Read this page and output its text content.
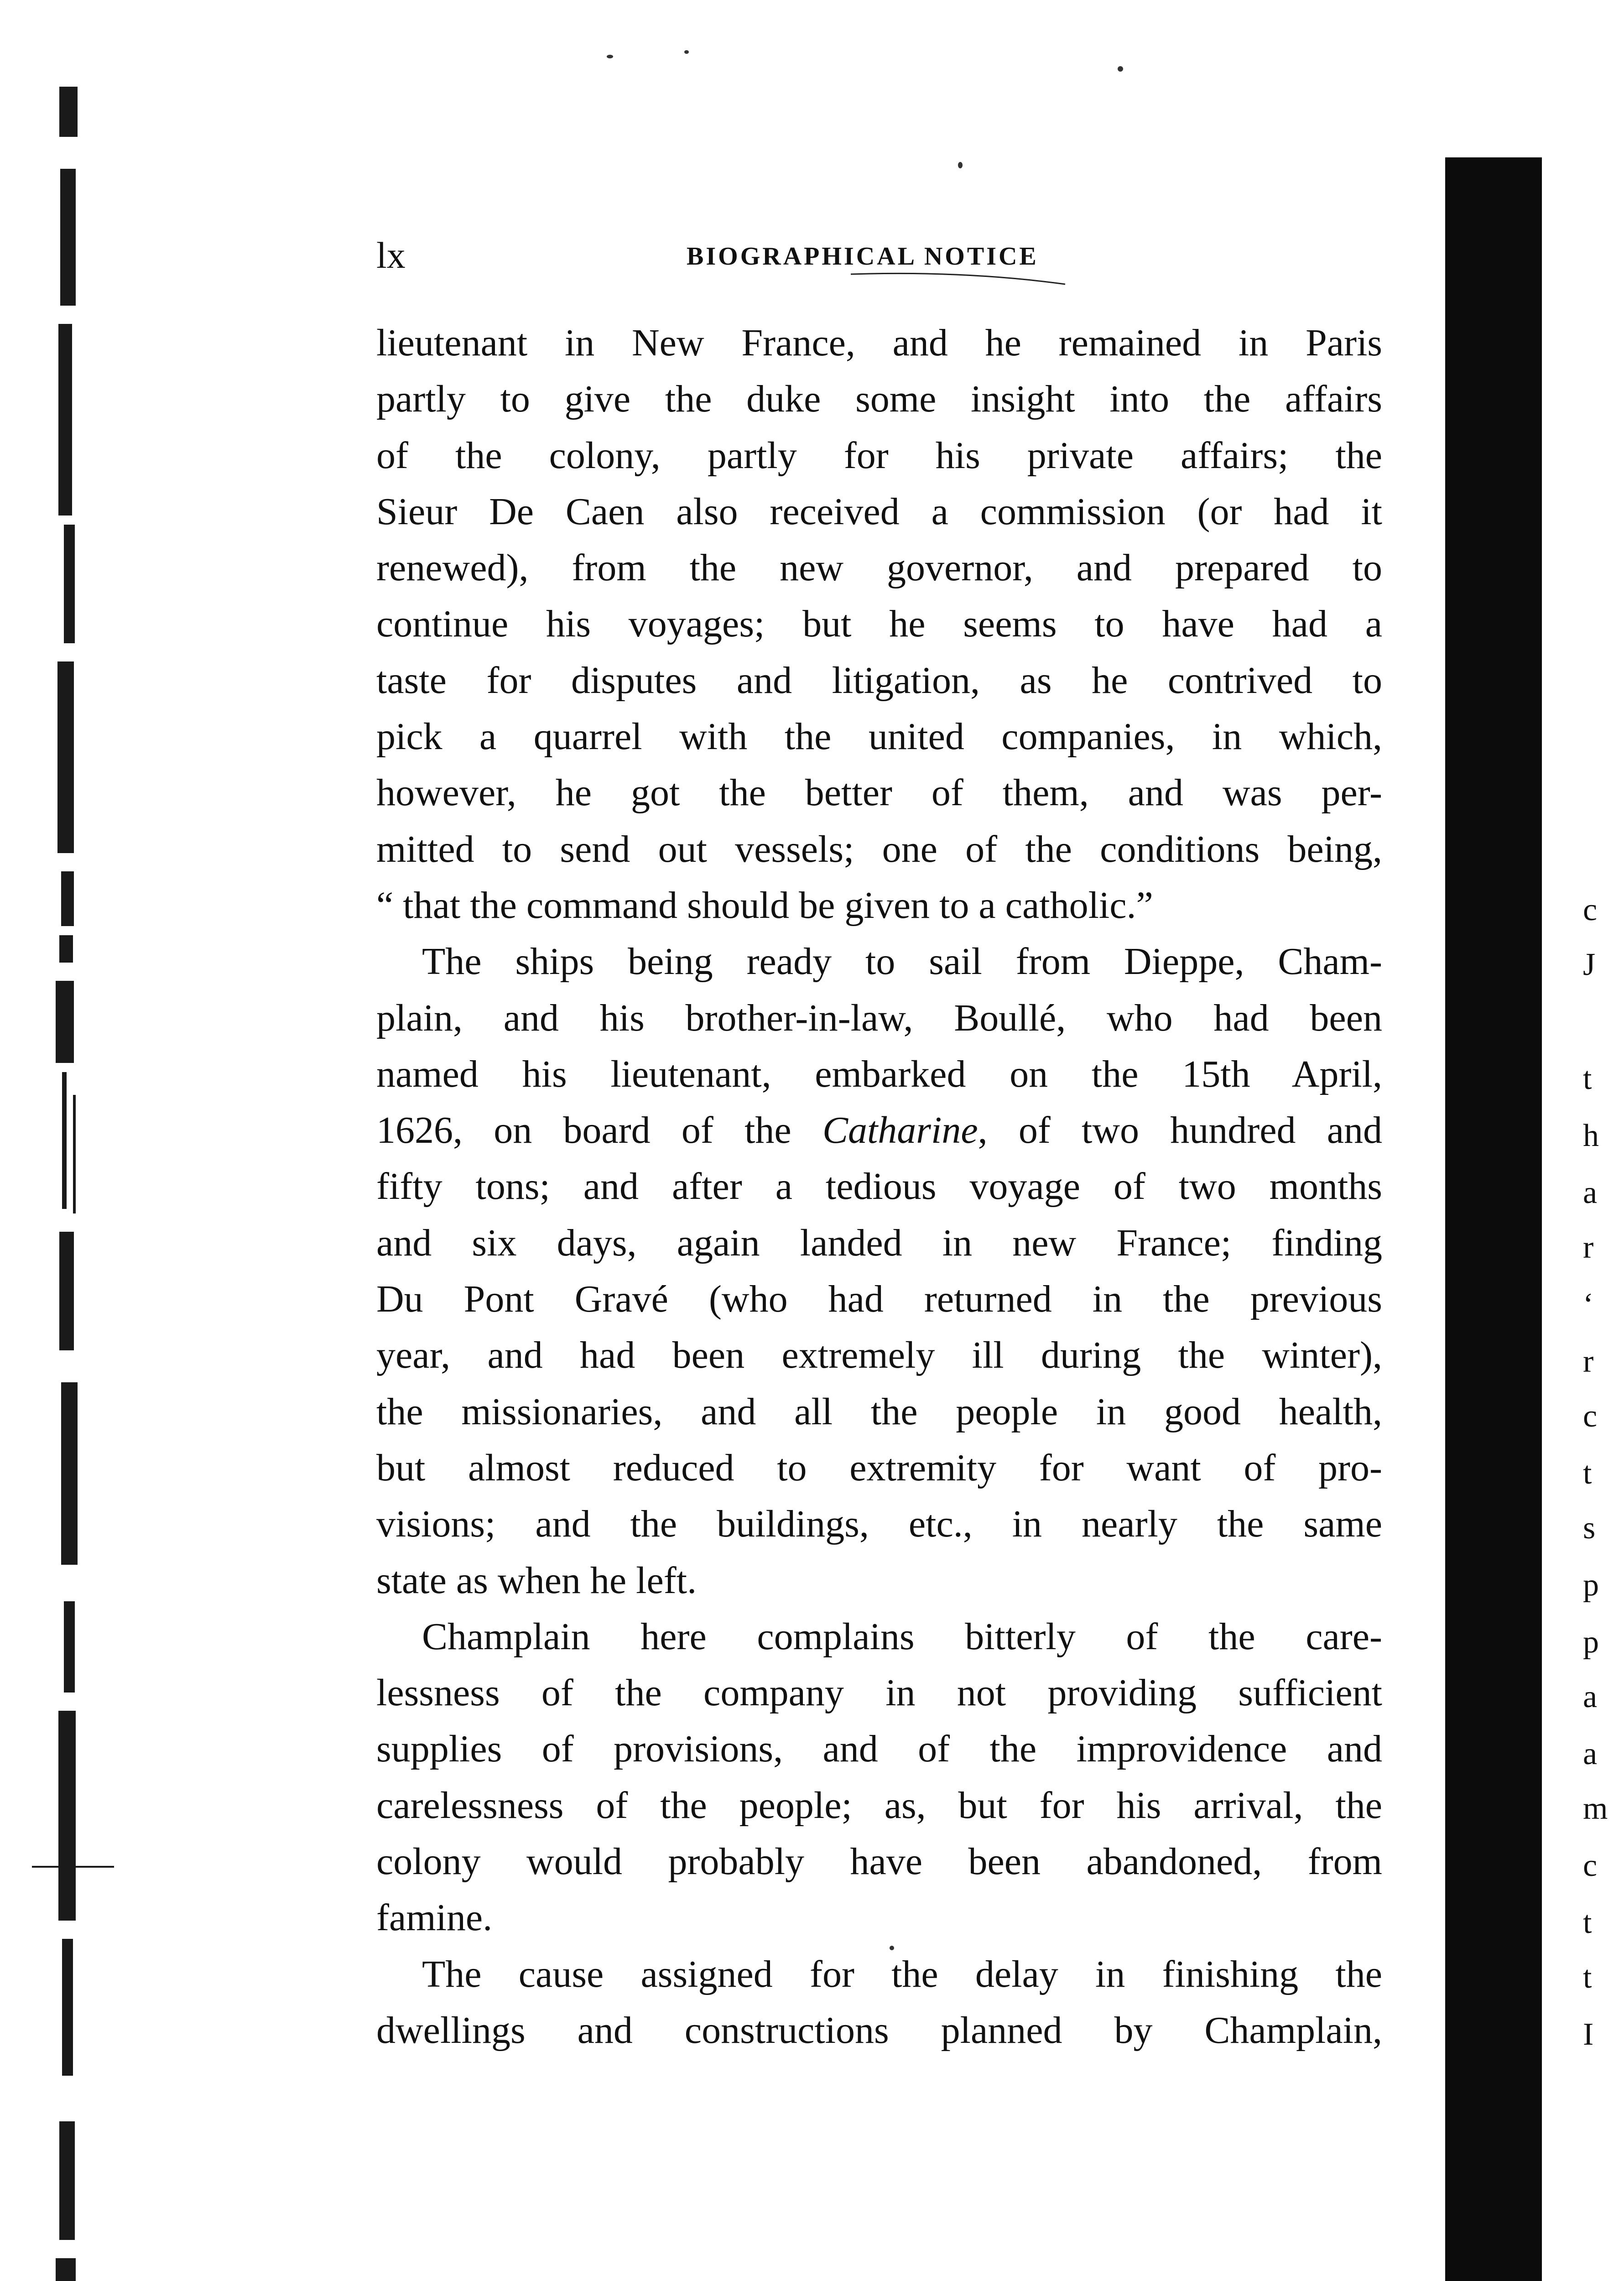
c
J
t
h
a
r
‘
r
c
t
s
p
p
a
a
m
c
t
t
I
lx	BIOGRAPHICAL NOTICE
lieutenant in New France, and he remained in Paris
partly to give the duke some insight into the affairs
of the colony, partly for his private affairs; the
Sieur De Caen also received a commission (or had it
renewed), from the new governor, and prepared to
continue his voyages; but he seems to have had a
taste for disputes and litigation, as he contrived to
pick a quarrel with the united companies, in which,
however, he got the better of them, and was per-
mitted to send out vessels; one of the conditions being,
“ that the command should be given to a catholic.”
The ships being ready to sail from Dieppe, Cham-
plain, and his brother-in-law, Boullé, who had been
named his lieutenant, embarked on the 15th April,
1626, on board of the Catharine, of two hundred and
fifty tons; and after a tedious voyage of two months
and six days, again landed in new France; finding
Du Pont Gravé (who had returned in the previous
year, and had been extremely ill during the winter),
the missionaries, and all the people in good health,
but almost reduced to extremity for want of pro-
visions; and the buildings, etc., in nearly the same
state as when he left.
Champlain here complains bitterly of the care-
lessness of the company in not providing sufficient
supplies of provisions, and of the improvidence and
carelessness of the people; as, but for his arrival, the
colony would probably have been abandoned, from
famine.
The cause assigned for the delay in finishing the
dwellings and constructions planned by Champlain,
